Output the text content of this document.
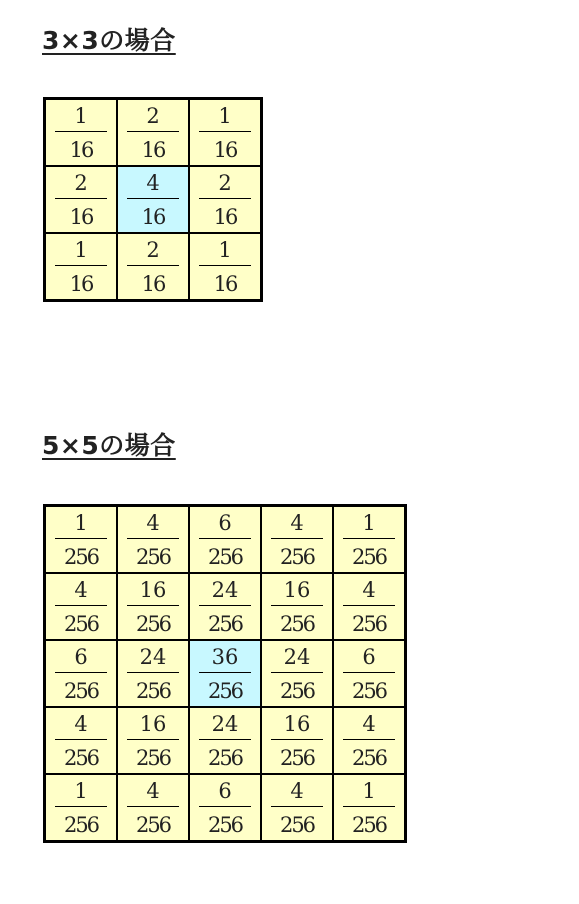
3×3の場合
$\frac{1}{16}$	$\frac{2}{16}$	$\frac{1}{16}$

$\frac{2}{16}$	$\frac{4}{16}$	$\frac{2}{16}$

$\frac{1}{16}$	$\frac{2}{16}$	$\frac{1}{16}$
5×5の場合
$\frac{1}{256}$	$\frac{4}{256}$	$\frac{6}{256}$	$\frac{4}{256}$	$\frac{1}{256}$

$\frac{4}{256}$	$\frac{16}{256}$	$\frac{24}{256}$	$\frac{16}{256}$	$\frac{4}{256}$

$\frac{6}{256}$	$\frac{24}{256}$	$\frac{36}{256}$	$\frac{24}{256}$	$\frac{6}{256}$

$\frac{4}{256}$	$\frac{16}{256}$	$\frac{24}{256}$	$\frac{16}{256}$	$\frac{4}{256}$

$\frac{1}{256}$	$\frac{4}{256}$	$\frac{6}{256}$	$\frac{4}{256}$	$\frac{1}{256}$
